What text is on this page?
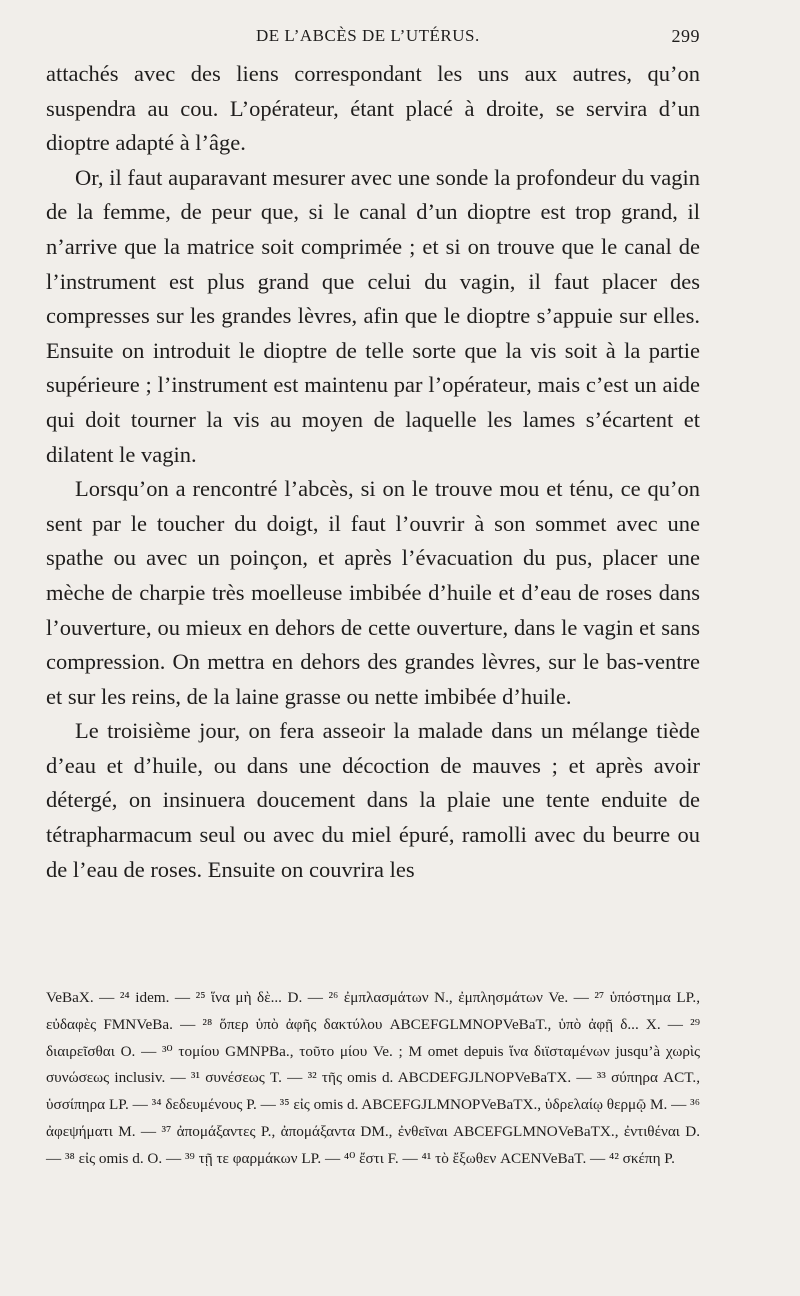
DE L’ABCÈS DE L’UTÉRUS.	299

attachés avec des liens correspondant les uns aux autres, qu’on suspendra au cou. L’opérateur, étant placé à droite, se servira d’un dioptre adapté à l’âge.

Or, il faut auparavant mesurer avec une sonde la profondeur du vagin de la femme, de peur que, si le canal d’un dioptre est trop grand, il n’arrive que la matrice soit comprimée ; et si on trouve que le canal de l’instrument est plus grand que celui du vagin, il faut placer des compresses sur les grandes lèvres, afin que le dioptre s’appuie sur elles. Ensuite on introduit le dioptre de telle sorte que la vis soit à la partie supérieure ; l’instrument est maintenu par l’opérateur, mais c’est un aide qui doit tourner la vis au moyen de laquelle les lames s’écartent et dilatent le vagin.

Lorsqu’on a rencontré l’abcès, si on le trouve mou et ténu, ce qu’on sent par le toucher du doigt, il faut l’ouvrir à son sommet avec une spathe ou avec un poinçon, et après l’évacuation du pus, placer une mèche de charpie très moelleuse imbibée d’huile et d’eau de roses dans l’ouverture, ou mieux en dehors de cette ouverture, dans le vagin et sans compression. On mettra en dehors des grandes lèvres, sur le bas-ventre et sur les reins, de la laine grasse ou nette imbibée d’huile.

Le troisième jour, on fera asseoir la malade dans un mélange tiède d’eau et d’huile, ou dans une décoction de mauves ; et après avoir détergé, on insinuera doucement dans la plaie une tente enduite de tétrapharmacum seul ou avec du miel épuré, ramolli avec du beurre ou de l’eau de roses. Ensuite on couvrira les

VeBaX. — ²⁴ idem. — ²⁵ ἵνα μὴ δὲ... D. — ²⁶ ἐμπλασμάτων N., ἐμπλησμάτων Ve. — ²⁷ ὑπόστημα LP., εὐδαφὲς FMNVeBa. — ²⁸ ὅπερ ὑπὸ ἀφῆς δακτύλου ABCEFGLMNOPVeBaT., ὑπὸ ἀφῇ δ... X. — ²⁹ διαιρεῖσθαι O. — ³⁰ τομίου GMNPBa., τοῦτο μίου Ve. ; M omet depuis ἵνα διϊσταμένων jusqu’à χωρὶς συνώσεως inclusiv. — ³¹ συνέσεως T. — ³² τῆς omis d. ABCDEFGJLNOPVeBaTX. — ³³ σύπηρα ACT., ὑσσίπηρα LP. — ³⁴ δεδευμένους P. — ³⁵ εἰς omis d. ABCEFGJLMNOPVeBaTX., ὑδρελαίῳ θερμῷ M. — ³⁶ ἀφεψήματι M. — ³⁷ ἀπομάξαντες P., ἀπομάξαντα DM., ἐνθεῖναι ABCEFGLMNOVeBaTX., ἐντιθέναι D. — ³⁸ εἰς omis d. O. — ³⁹ τῇ τε φαρμάκων LP. — ⁴⁰ ἔστι F. — ⁴¹ τὸ ἔξωθεν ACENVeBaT. — ⁴² σκέπη P.
